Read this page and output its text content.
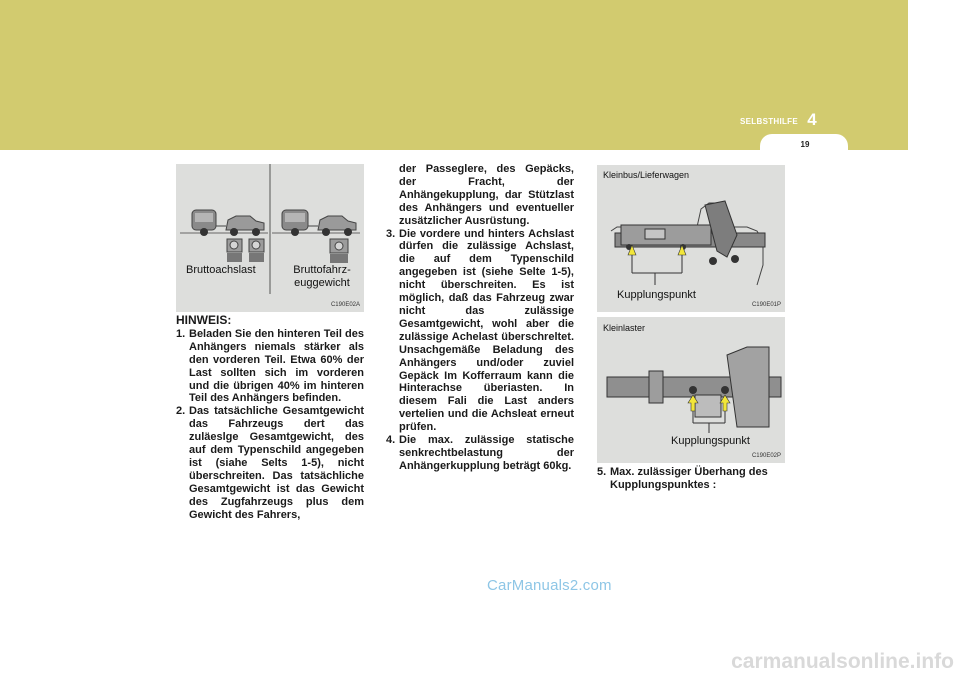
SELBSTHILFE 4
19
Bruttoachslast	Bruttofahrz-
euggewicht
C190E02A
Kleinbus/Lieferwagen
Kupplungspunkt
C190E01P
Kleinlaster
Kupplungspunkt
C190E02P
HINWEIS:
1. Beladen Sie den hinteren Teil des Anhängers niemals stärker als den vorderen Teil. Etwa 60% der Last sollten sich im vorderen und die übrigen 40% im hinteren Teil des Anhängers befinden.
2. Das tatsächliche Gesamtgewicht das Fahrzeugs dert das zuläeslge Gesamtgewicht, des auf dem Typenschild angegeben ist (siahe Selts 1-5), nicht überschreiten. Das tatsächliche Gesamtgewicht ist das Gewicht des Zugfahrzeugs plus dem Gewicht des Fahrers,
der Passeglere, des Gepäcks, der Fracht, der Anhängekupplung, dar Stützlast des Anhängers und eventueller zusätzlicher Ausrüstung.
3. Die vordere und hinters Achslast dürfen die zulässige Achslast, die auf dem Typenschild angegeben ist (siehe Selte 1-5), nicht überschreiten. Es ist möglich, daß das Fahrzeug zwar nicht das zulässige Gesamtgewicht, wohl aber die zulässige Achelast überschreltet. Unsachgemäße Beladung des Anhängers und/oder zuviel Gepäck Im Kofferraum kann die Hinterachse überiasten. In diesem Fali die Last anders vertelien und die Achsleat erneut prüfen.
4. Die max. zulässige statische senkrechtbelastung der Anhängerkupplung beträgt 60kg.
5. Max. zulässiger Überhang des Kupplungspunktes :
CarManuals2.com
carmanualsonline.info
